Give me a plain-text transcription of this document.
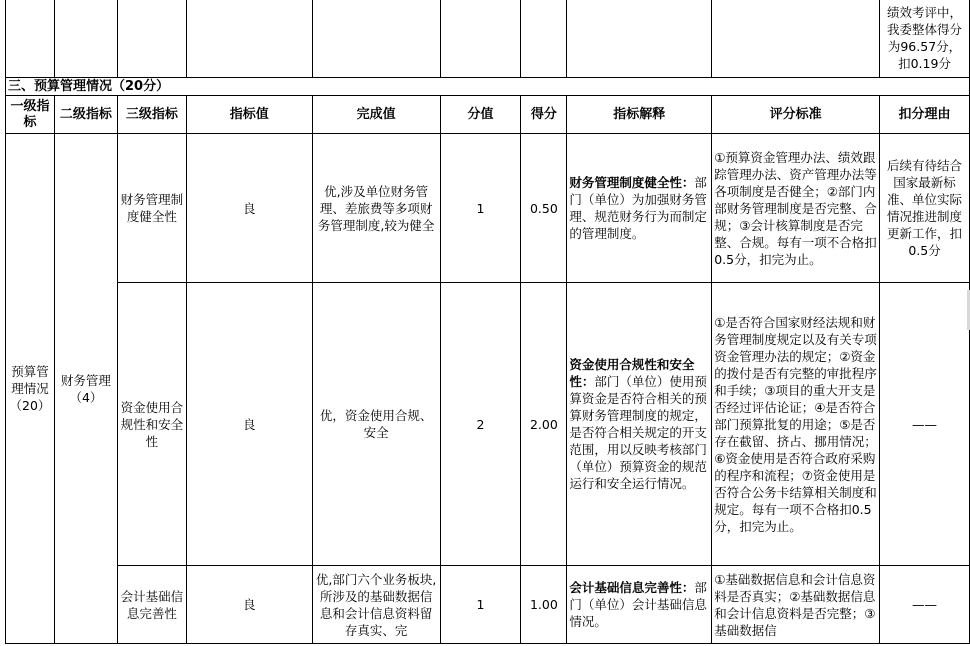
									绩效考评中，我委整体得分为96.57分，扣0.19分
三、预算管理情况（20分）									
一级指标	二级指标	三级指标	指标值	完成值	分值	得分	指标解释	评分标准	扣分理由
预算管理情况（20）	财务管理（4）	财务管理制度健全性	良	优,涉及单位财务管理、差旅费等多项财务管理制度,较为健全	1	0.50	财务管理制度健全性：部门（单位）为加强财务管理、规范财务行为而制定的管理制度。	①预算资金管理办法、绩效跟踪管理办法、资产管理办法等各项制度是否健全；②部门内部财务管理制度是否完整、合规；③会计核算制度是否完整、合规。每有一项不合格扣0.5分，扣完为止。	后续有待结合国家最新标准、单位实际情况推进制度更新工作，扣0.5分
		资金使用合规性和安全性	良	优，资金使用合规、安全	2	2.00	资金使用合规性和安全性：部门（单位）使用预算资金是否符合相关的预算财务管理制度的规定，是否符合相关规定的开支范围，用以反映考核部门（单位）预算资金的规范运行和安全运行情况。	①是否符合国家财经法规和财务管理制度规定以及有关专项资金管理办法的规定；②资金的拨付是否有完整的审批程序和手续；③项目的重大开支是否经过评估论证；④是否符合部门预算批复的用途；⑤是否存在截留、挤占、挪用情况；⑥资金使用是否符合政府采购的程序和流程；⑦资金使用是否符合公务卡结算相关制度和规定。每有一项不合格扣0.5分，扣完为止。	——
		会计基础信息完善性	良	优,部门六个业务板块,所涉及的基础数据信息和会计信息资料留存真实、完	1	1.00	会计基础信息完善性：部门（单位）会计基础信息情况。	①基础数据信息和会计信息资料是否真实；②基础数据信息和会计信息资料是否完整；③基础数据信	——
